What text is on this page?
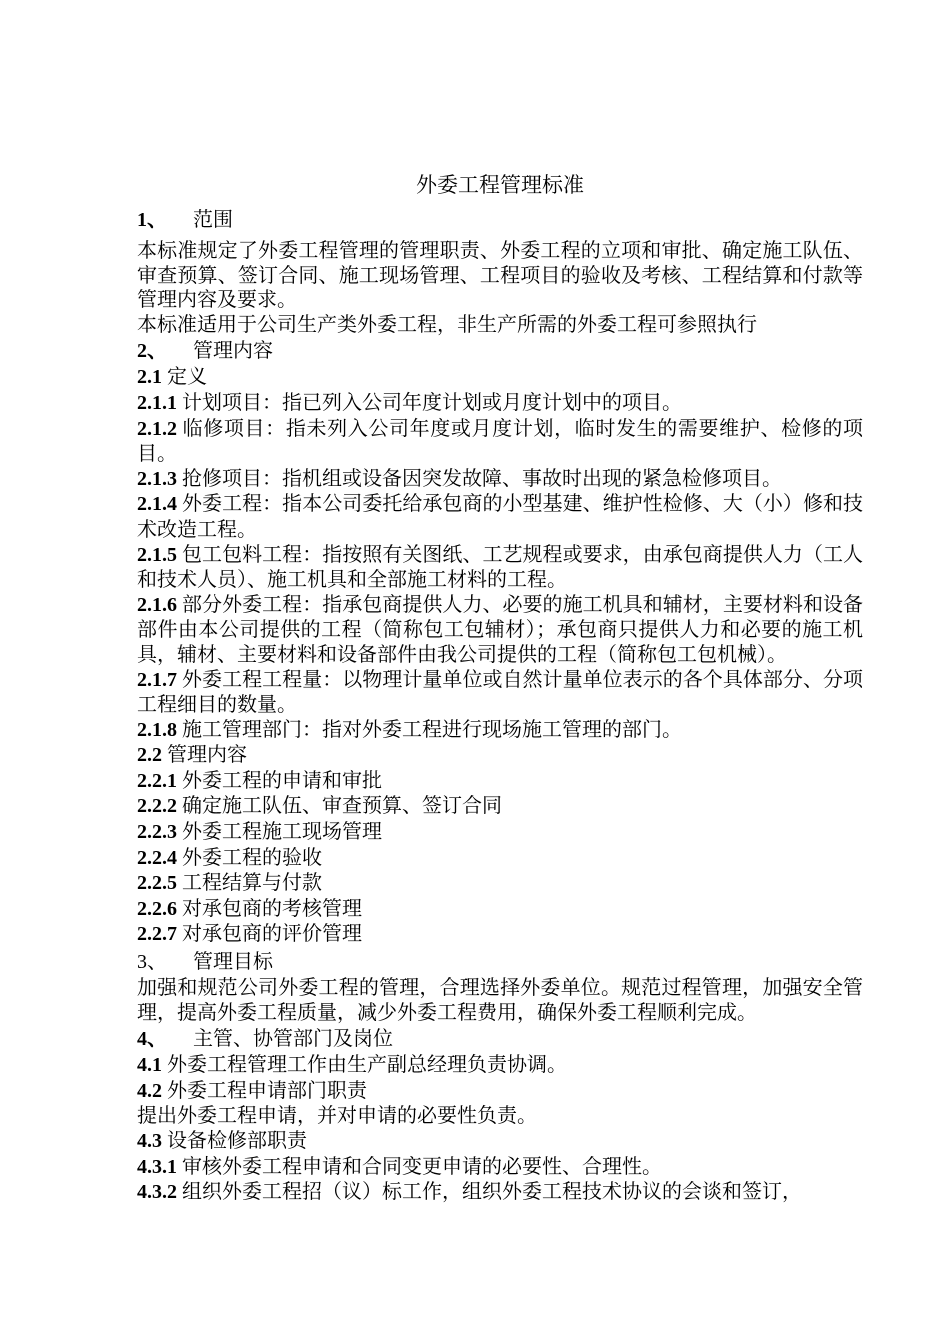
外委工程管理标准
1、 范围

本标准规定了外委工程管理的管理职责、外委工程的立项和审批、确定施工队伍、审查预算、签订合同、施工现场管理、工程项目的验收及考核、工程结算和付款等管理内容及要求。

本标准适用于公司生产类外委工程，非生产所需的外委工程可参照执行

2、 管理内容

2.1 定义

2.1.1 计划项目：指已列入公司年度计划或月度计划中的项目。

2.1.2 临修项目：指未列入公司年度或月度计划，临时发生的需要维护、检修的项目。

2.1.3 抢修项目：指机组或设备因突发故障、事故时出现的紧急检修项目。

2.1.4 外委工程：指本公司委托给承包商的小型基建、维护性检修、大（小）修和技术改造工程。

2.1.5 包工包料工程：指按照有关图纸、工艺规程或要求，由承包商提供人力（工人和技术人员）、施工机具和全部施工材料的工程。

2.1.6 部分外委工程：指承包商提供人力、必要的施工机具和辅材，主要材料和设备部件由本公司提供的工程（简称包工包辅材）；承包商只提供人力和必要的施工机具，辅材、主要材料和设备部件由我公司提供的工程（简称包工包机械）。

2.1.7 外委工程工程量：以物理计量单位或自然计量单位表示的各个具体部分、分项工程细目的数量。

2.1.8 施工管理部门：指对外委工程进行现场施工管理的部门。

2.2 管理内容

2.2.1 外委工程的申请和审批

2.2.2 确定施工队伍、审查预算、签订合同

2.2.3 外委工程施工现场管理

2.2.4 外委工程的验收

2.2.5 工程结算与付款

2.2.6 对承包商的考核管理

2.2.7 对承包商的评价管理

3、 管理目标

加强和规范公司外委工程的管理，合理选择外委单位。规范过程管理，加强安全管理，提高外委工程质量，减少外委工程费用，确保外委工程顺利完成。

4、 主管、协管部门及岗位

4.1 外委工程管理工作由生产副总经理负责协调。

4.2 外委工程申请部门职责

提出外委工程申请，并对申请的必要性负责。

4.3 设备检修部职责

4.3.1 审核外委工程申请和合同变更申请的必要性、合理性。

4.3.2 组织外委工程招（议）标工作，组织外委工程技术协议的会谈和签订，
